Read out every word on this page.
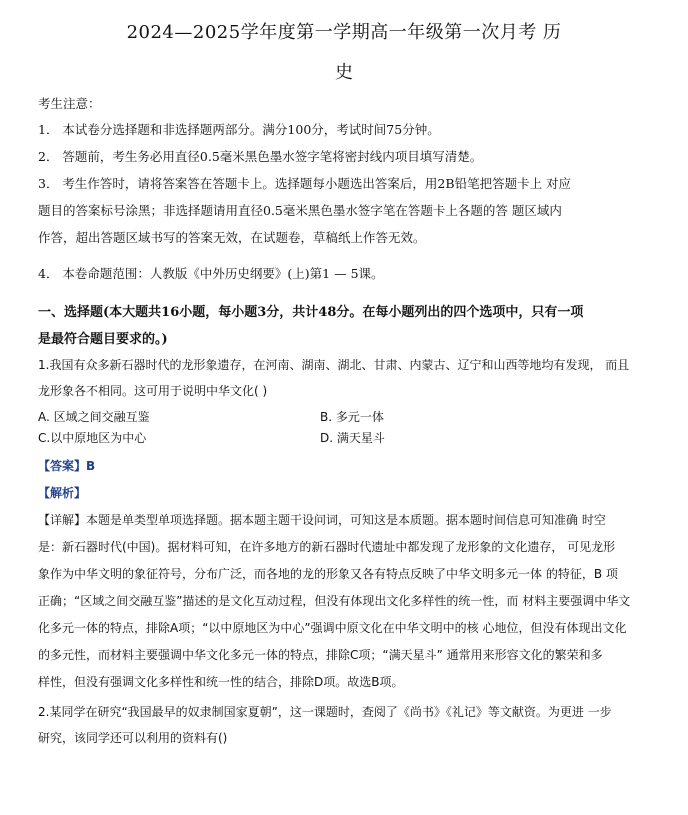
2024—2025学年度第一学期高一年级第一次月考 历
史
考生注意：
1． 本试卷分选择题和非选择题两部分。满分100分，考试时间75分钟。
2． 答题前，考生务必用直径0.5毫米黑色墨水签字笔将密封线内项目填写清楚。
3． 考生作答时，请将答案答在答题卡上。选择题每小题选出答案后，用2B铅笔把答题卡上 对应
题目的答案标号涂黑；非选择题请用直径0.5毫米黑色墨水签字笔在答题卡上各题的答 题区域内
作答，超出答题区域书写的答案无效，在试题卷，草稿纸上作答无效。
4． 本卷命题范围：人教版《中外历史纲要》(上)第1 — 5课。
一、选择题(本大题共16小题，每小题3分，共计48分。在每小题列出的四个选项中，只有一项
是最符合题目要求的。)
1.我国有众多新石器时代的龙形象遗存，在河南、湖南、湖北、甘肃、内蒙古、辽宁和山西等地均有发现， 而且
龙形象各不相同。这可用于说明中华文化( )
A. 区域之间交融互鉴	B. 多元一体
C.以中原地区为中心	D. 满天星斗
【答案】B
【解析】
【详解】本题是单类型单项选择题。据本题主题干设问词，可知这是本质题。据本题时间信息可知准确 时空
是：新石器时代(中国)。据材料可知，在许多地方的新石器时代遗址中都发现了龙形象的文化遗存， 可见龙形
象作为中华文明的象征符号，分布广泛，而各地的龙的形象又各有特点反映了中华文明多元一体 的特征，B 项
正确；“区域之间交融互鉴”描述的是文化互动过程，但没有体现出文化多样性的统一性，而 材料主要强调中华文
化多元一体的特点，排除A项；“以中原地区为中心”强调中原文化在中华文明中的核 心地位，但没有体现出文化
的多元性，而材料主要强调中华文化多元一体的特点，排除C项；“满天星斗” 通常用来形容文化的繁荣和多
样性，但没有强调文化多样性和统一性的结合，排除D项。故选B项。
2.某同学在研究“我国最早的奴隶制国家夏朝”，这一课题时，查阅了《尚书》《礼记》等文献资。为更进 一步
研究，该同学还可以利用的资料有()
